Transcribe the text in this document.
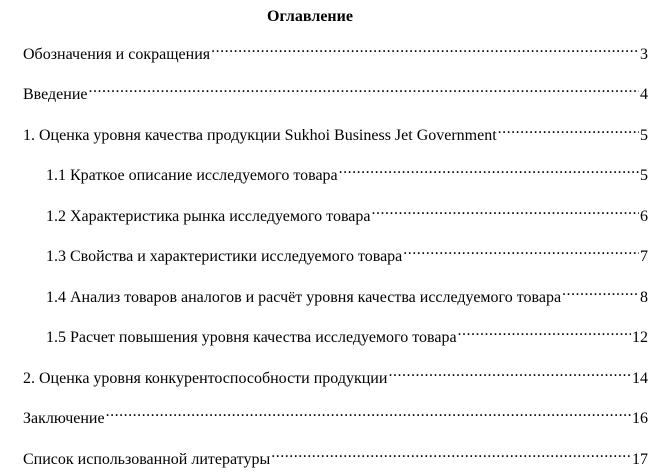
Оглавление
Обозначения и сокращения .....	3
Введение .....	4
1. Оценка уровня качества продукции Sukhoi Business Jet Government .....	5
1.1 Краткое описание исследуемого товара .....	5
1.2 Характеристика рынка исследуемого товара .....	6
1.3 Свойства и характеристики исследуемого товара .....	7
1.4 Анализ товаров аналогов и расчёт уровня качества исследуемого товара .....	8
1.5 Расчет повышения уровня качества исследуемого товара .....	12
2. Оценка уровня конкурентоспособности продукции .....	14
Заключение .....	16
Список использованной литературы .....	17
